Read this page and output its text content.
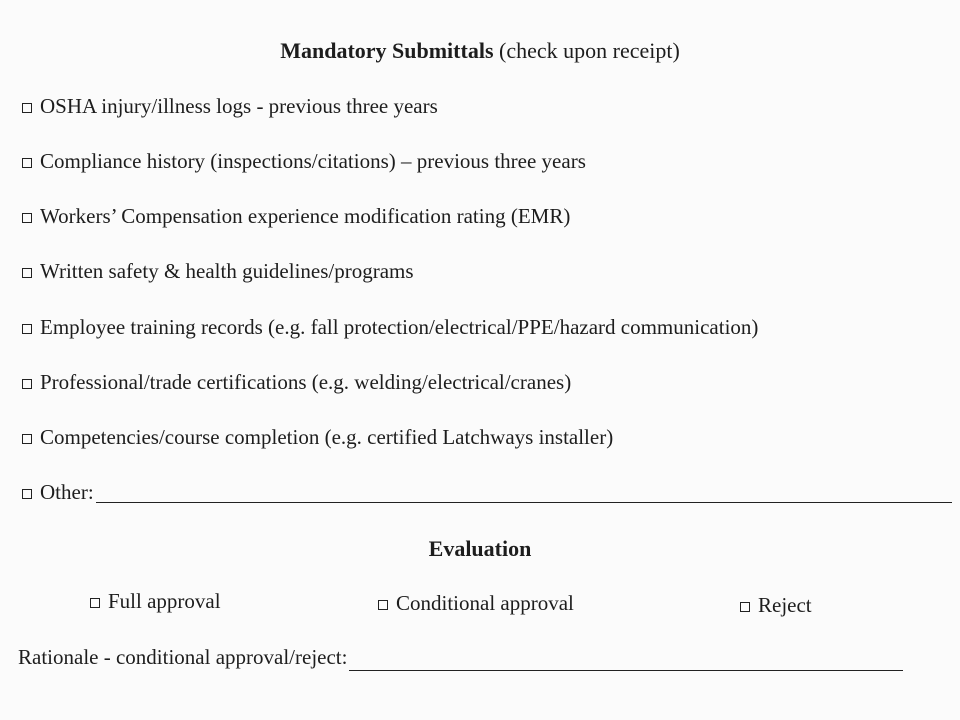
Mandatory Submittals (check upon receipt)
OSHA injury/illness logs - previous three years
Compliance history (inspections/citations) – previous three years
Workers’ Compensation experience modification rating (EMR)
Written safety & health guidelines/programs
Employee training records (e.g. fall protection/electrical/PPE/hazard communication)
Professional/trade certifications (e.g. welding/electrical/cranes)
Competencies/course completion (e.g. certified Latchways installer)
Other:
Evaluation
Full approval	Conditional approval	Reject
Rationale - conditional approval/reject:
